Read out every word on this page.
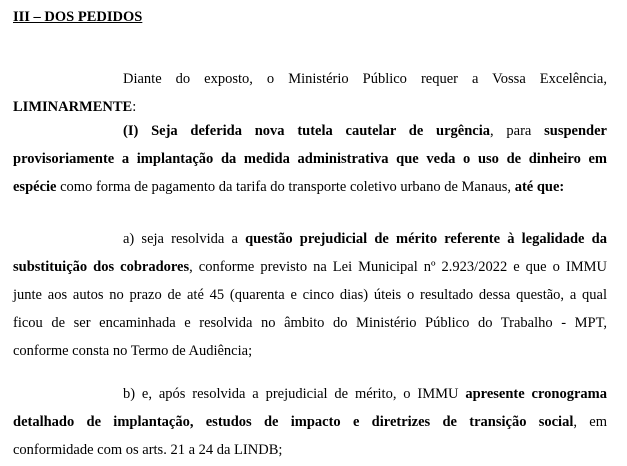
III – DOS PEDIDOS
Diante do exposto, o Ministério Público requer a Vossa Excelência,
LIMINARMENTE:
(I) Seja deferida nova tutela cautelar de urgência, para suspender
provisoriamente a implantação da medida administrativa que veda o uso de dinheiro em
espécie como forma de pagamento da tarifa do transporte coletivo urbano de Manaus, até que:
a) seja resolvida a questão prejudicial de mérito referente à legalidade da
substituição dos cobradores, conforme previsto na Lei Municipal nº 2.923/2022 e que o IMMU
junte aos autos no prazo de até 45 (quarenta e cinco dias) úteis o resultado dessa questão, a qual
ficou de ser encaminhada e resolvida no âmbito do Ministério Público do Trabalho - MPT,
conforme consta no Termo de Audiência;
b) e, após resolvida a prejudicial de mérito, o IMMU apresente cronograma
detalhado de implantação, estudos de impacto e diretrizes de transição social, em
conformidade com os arts. 21 a 24 da LINDB;
